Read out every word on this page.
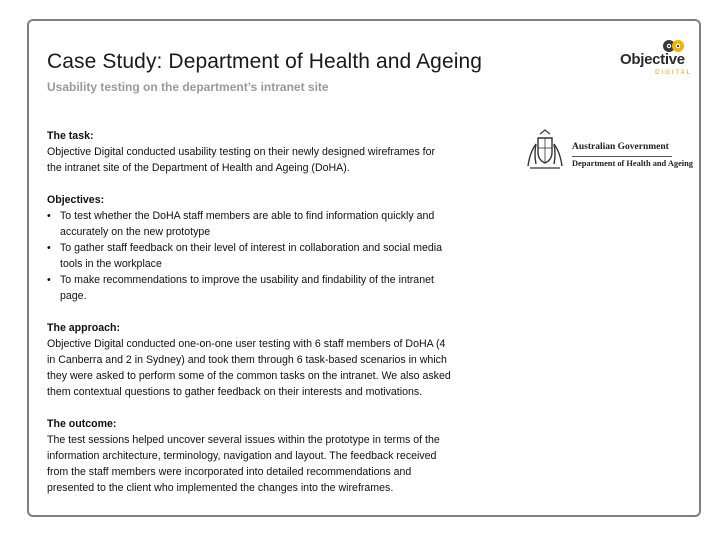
Case Study: Department of Health and Ageing

Usability testing on the department’s intranet site

Objective
DIGITAL
Australian Government
Department of Health and Ageing

The task:

Objective Digital conducted usability testing on their newly designed wireframes for

the intranet site of the Department of Health and Ageing (DoHA).

Objectives:

• To test whether the DoHA staff members are able to find information quickly and

accurately on the new prototype

• To gather staff feedback on their level of interest in collaboration and social media

tools in the workplace

• To make recommendations to improve the usability and findability of the intranet

page.

The approach:

Objective Digital conducted one-on-one user testing with 6 staff members of DoHA (4

in Canberra and 2 in Sydney) and took them through 6 task-based scenarios in which

they were asked to perform some of the common tasks on the intranet. We also asked

them contextual questions to gather feedback on their interests and motivations.

The outcome:

The test sessions helped uncover several issues within the prototype in terms of the

information architecture, terminology, navigation and layout. The feedback received

from the staff members were incorporated into detailed recommendations and

presented to the client who implemented the changes into the wireframes.
